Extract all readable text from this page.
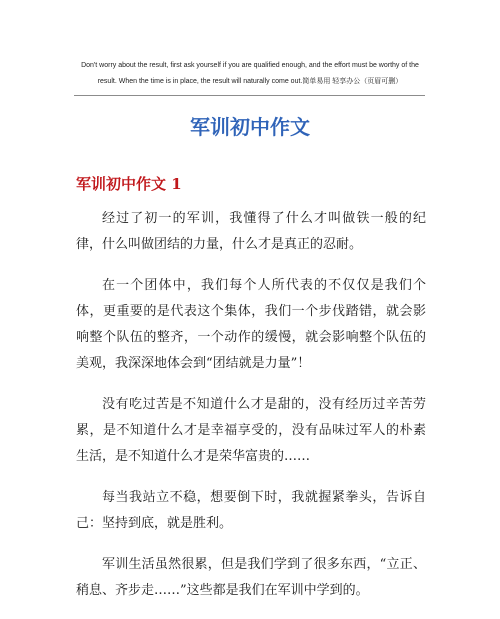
Don't worry about the result, first ask yourself if you are qualified enough, and the effort must be worthy of the
result. When the time is in place, the result will naturally come out.简单易用 轻享办公（页眉可删）
军训初中作文
军训初中作文 1

经过了初一的军训，我懂得了什么才叫做铁一般的纪律，什么叫做团结的力量，什么才是真正的忍耐。

在一个团体中，我们每个人所代表的不仅仅是我们个体，更重要的是代表这个集体，我们一个步伐踏错，就会影响整个队伍的整齐，一个动作的缓慢，就会影响整个队伍的美观，我深深地体会到“团结就是力量”！

没有吃过苦是不知道什么才是甜的，没有经历过辛苦劳累，是不知道什么才是幸福享受的，没有品味过军人的朴素生活，是不知道什么才是荣华富贵的……

每当我站立不稳，想要倒下时，我就握紧拳头，告诉自己：坚持到底，就是胜利。

军训生活虽然很累，但是我们学到了很多东西，“立正、稍息、齐步走……”这些都是我们在军训中学到的。
